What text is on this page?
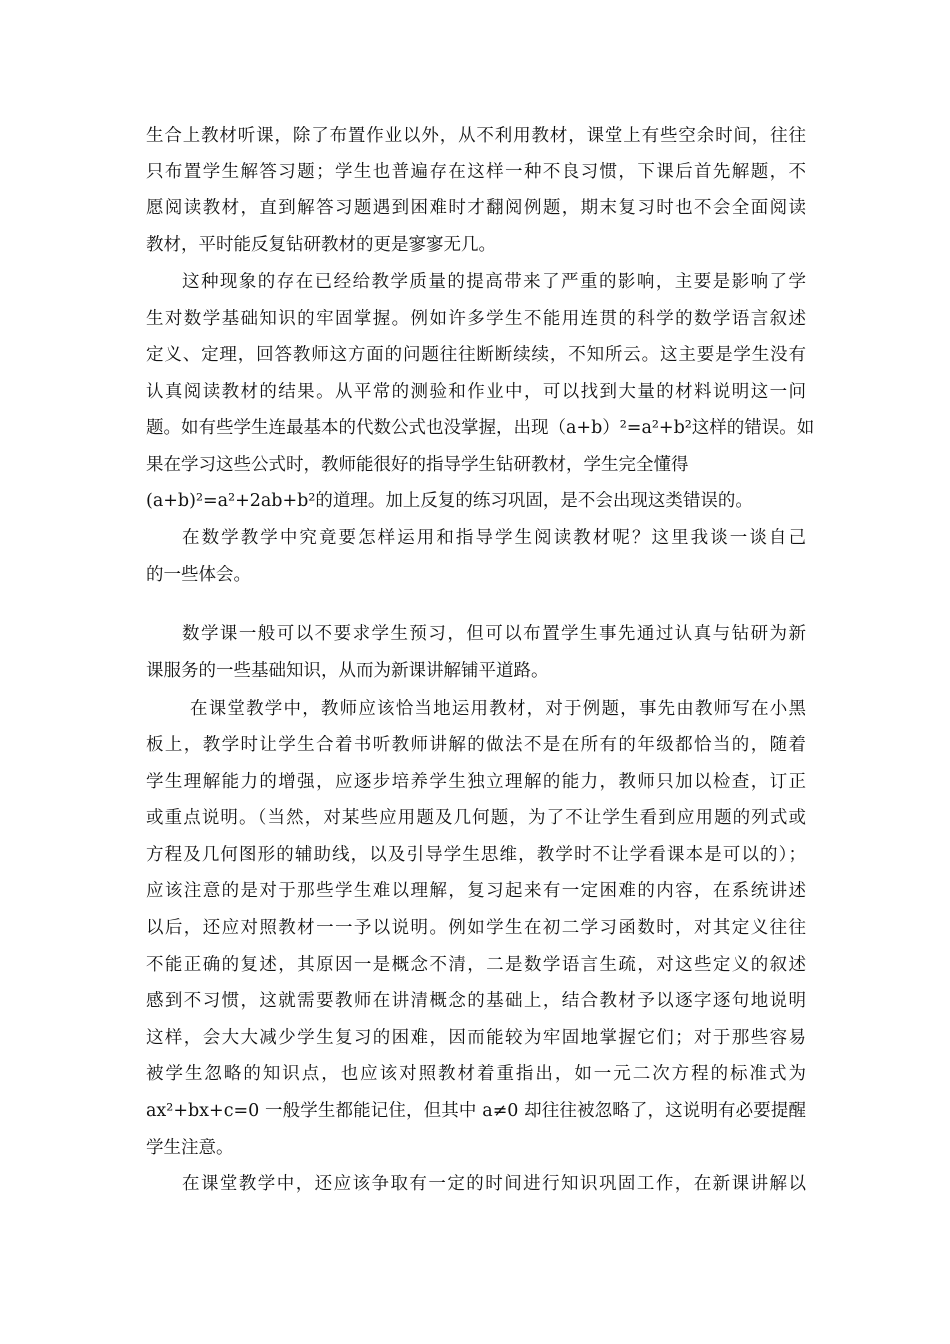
生合上教材听课，除了布置作业以外，从不利用教材，课堂上有些空余时间，往往
只布置学生解答习题；学生也普遍存在这样一种不良习惯，下课后首先解题，不
愿阅读教材，直到解答习题遇到困难时才翻阅例题，期末复习时也不会全面阅读
教材，平时能反复钻研教材的更是寥寥无几。
这种现象的存在已经给教学质量的提高带来了严重的影响，主要是影响了学
生对数学基础知识的牢固掌握。例如许多学生不能用连贯的科学的数学语言叙述
定义、定理，回答教师这方面的问题往往断断续续，不知所云。这主要是学生没有
认真阅读教材的结果。从平常的测验和作业中，可以找到大量的材料说明这一问
题。如有些学生连最基本的代数公式也没掌握，出现（a+b）²=a²+b²这样的错误。如
果在学习这些公式时，教师能很好的指导学生钻研教材，学生完全懂得
(a+b)²=a²+2ab+b²的道理。加上反复的练习巩固，是不会出现这类错误的。
在数学教学中究竟要怎样运用和指导学生阅读教材呢？这里我谈一谈自己
的一些体会。
数学课一般可以不要求学生预习，但可以布置学生事先通过认真与钻研为新
课服务的一些基础知识，从而为新课讲解铺平道路。
在课堂教学中，教师应该恰当地运用教材，对于例题，事先由教师写在小黑
板上，教学时让学生合着书听教师讲解的做法不是在所有的年级都恰当的，随着
学生理解能力的增强，应逐步培养学生独立理解的能力，教师只加以检查，订正
或重点说明。（当然，对某些应用题及几何题，为了不让学生看到应用题的列式或
方程及几何图形的辅助线，以及引导学生思维，教学时不让学看课本是可以的）；
应该注意的是对于那些学生难以理解，复习起来有一定困难的内容，在系统讲述
以后，还应对照教材一一予以说明。例如学生在初二学习函数时，对其定义往往
不能正确的复述，其原因一是概念不清，二是数学语言生疏，对这些定义的叙述
感到不习惯，这就需要教师在讲清概念的基础上，结合教材予以逐字逐句地说明
这样，会大大减少学生复习的困难，因而能较为牢固地掌握它们；对于那些容易
被学生忽略的知识点，也应该对照教材着重指出，如一元二次方程的标准式为
ax²+bx+c=0 一般学生都能记住，但其中 a≠0 却往往被忽略了，这说明有必要提醒
学生注意。
在课堂教学中，还应该争取有一定的时间进行知识巩固工作，在新课讲解以
